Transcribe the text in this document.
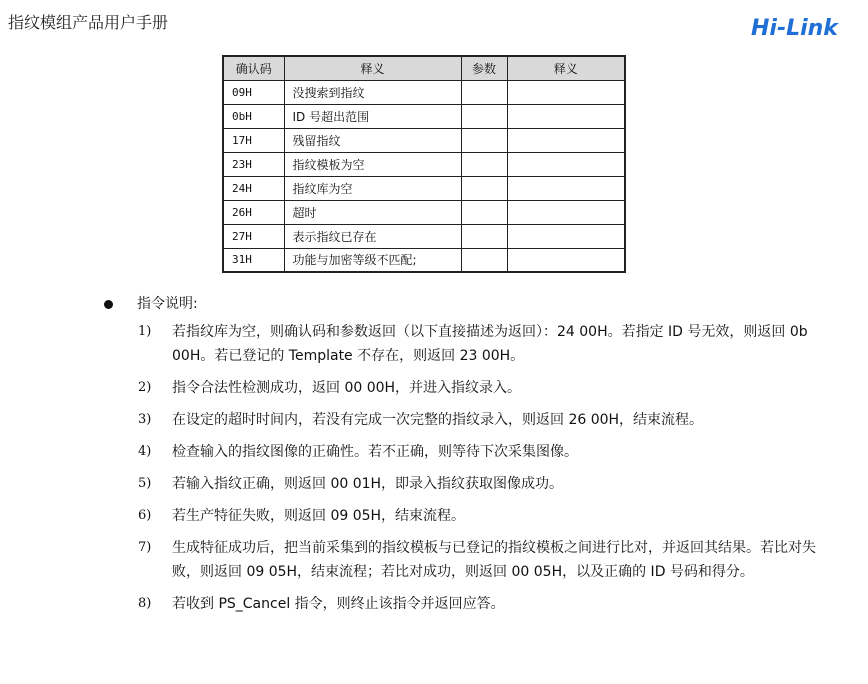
指纹模组产品用户手册	Hi-Link
确认码	释义	参数	释义
09H	没搜索到指纹		
0bH	ID 号超出范围		
17H	残留指纹		
23H	指纹模板为空		
24H	指纹库为空		
26H	超时		
27H	表示指纹已存在		
31H	功能与加密等级不匹配;		
指令说明:
1)	若指纹库为空，则确认码和参数返回（以下直接描述为返回）：24 00H。若指定 ID 号无效，则返回 0b 00H。若已登记的 Template 不存在，则返回 23 00H。
2)	指令合法性检测成功，返回 00 00H，并进入指纹录入。
3)	在设定的超时时间内，若没有完成一次完整的指纹录入，则返回 26 00H，结束流程。
4)	检查输入的指纹图像的正确性。若不正确，则等待下次采集图像。
5)	若输入指纹正确，则返回 00 01H，即录入指纹获取图像成功。
6)	若生产特征失败，则返回 09 05H，结束流程。
7)	生成特征成功后，把当前采集到的指纹模板与已登记的指纹模板之间进行比对，并返回其结果。若比对失败，则返回 09 05H，结束流程；若比对成功，则返回 00 05H，以及正确的 ID 号码和得分。
8)	若收到 PS_Cancel 指令，则终止该指令并返回应答。
